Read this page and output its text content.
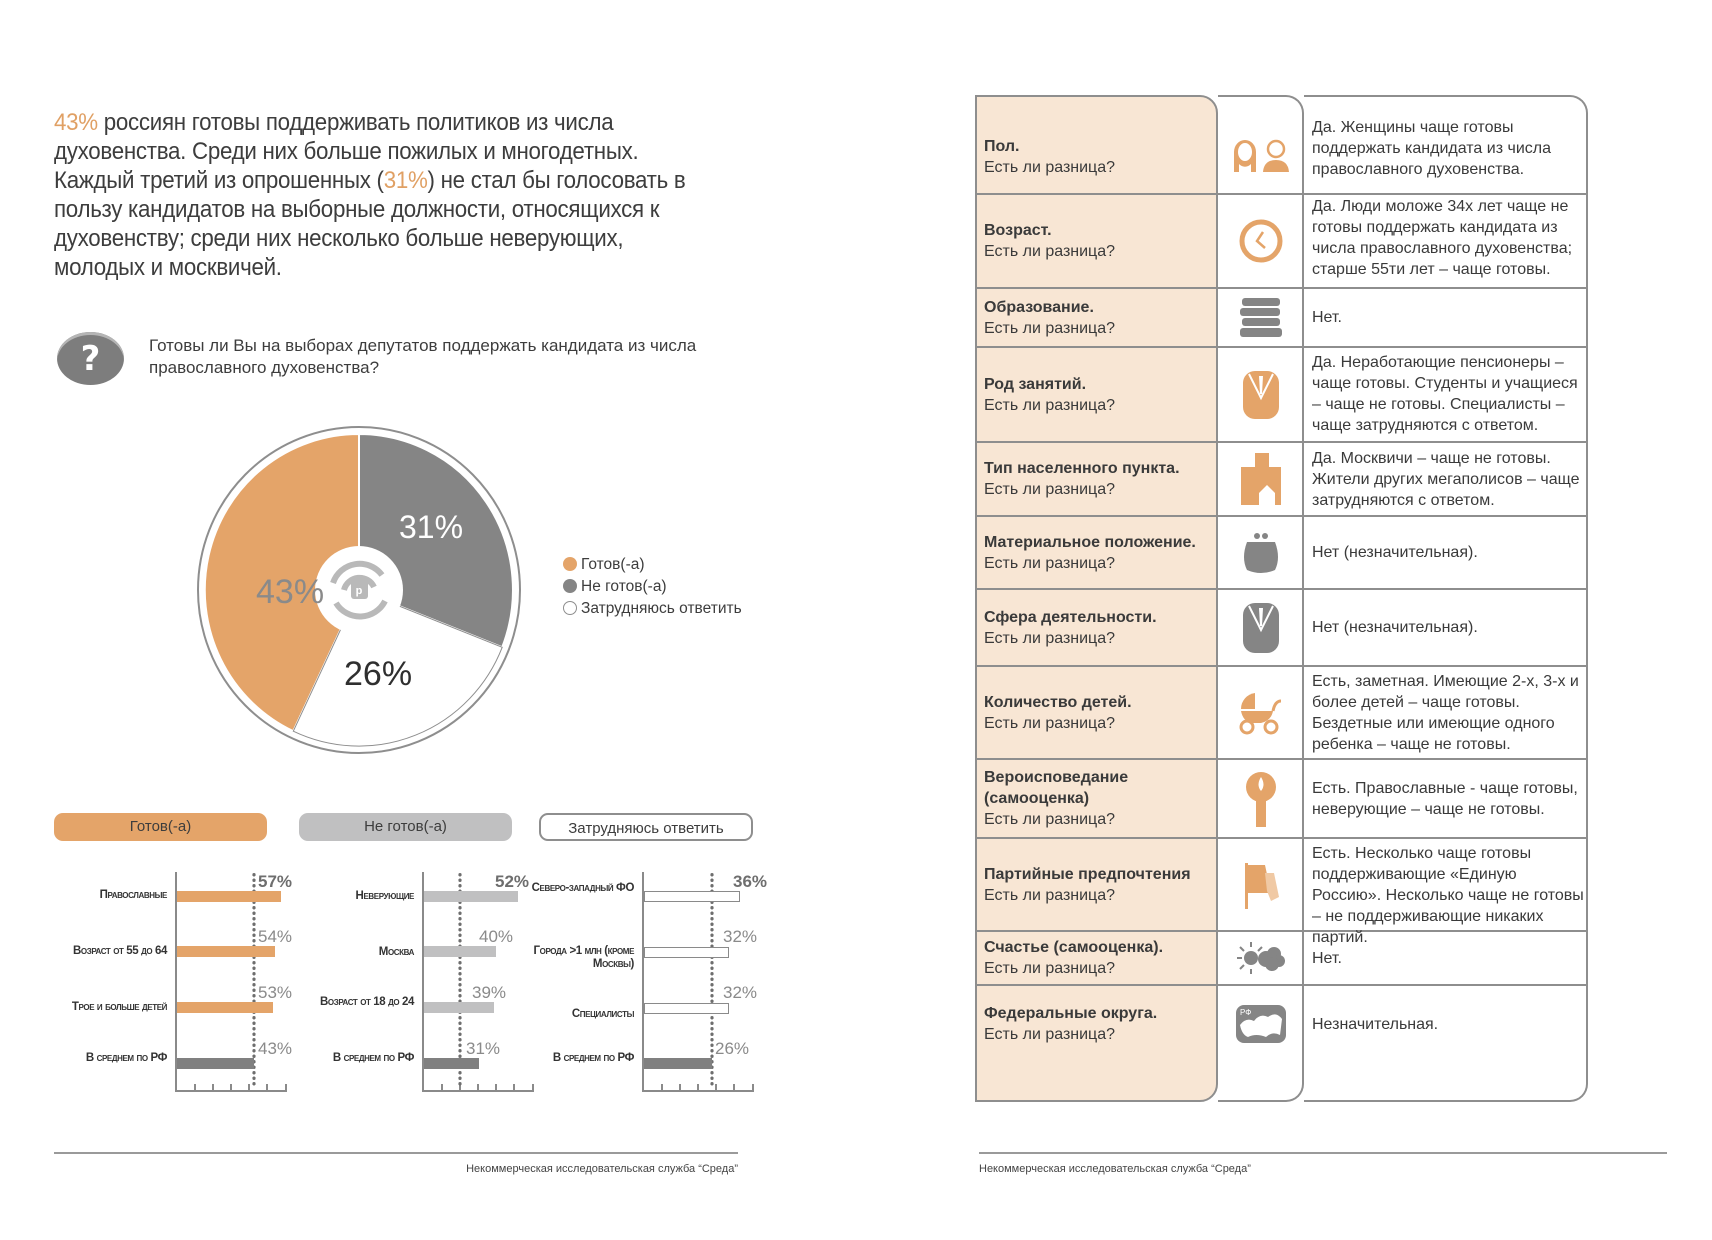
43% россиян готовы поддерживать политиков из числа духовенства. Среди них больше пожилых и многодетных. Каждый третий из опрошенных (31%) не стал бы голосовать в пользу кандидатов на выборные должности, относящихся к духовенству; среди них несколько больше неверующих, молодых и москвичей.
?	Готовы ли Вы на выборах депутатов поддержать кандидата из числа православного духовенства?
p
43%
31%
26%
Готов(-а)
Не готов(-а)
Затрудняюсь ответить
Готов(-а)	Не готов(-а)	Затрудняюсь ответить
Православные
57%
Возраст от 55 до 64
54%
Трое и больше детей
53%
В среднем по РФ	43%
Неверующие
52%
Москва
40%
Возраст от 18 до 24	39%
В среднем по РФ	31%
Северо-западный ФО	36%
Города >1 млн (кроме Москвы)
32%
Специалисты
32%
В среднем по РФ	26%
Некоммерческая исследовательская служба “Среда”
Пол.
Есть ли разница?
Да. Женщины чаще готовы поддержать кандидата из числа православного духовенства.
Возраст.
Есть ли разница?
Да. Люди моложе 34х лет чаще не готовы поддержать кандидата из числа православного духовенства; старше 55ти лет – чаще готовы.
Образование.
Есть ли разница?
Нет.
Род занятий.
Есть ли разница?
Да. Неработающие пенсионеры – чаще готовы. Студенты и учащиеся – чаще не готовы. Специалисты – чаще затрудняются с ответом.
Тип населенного пункта.
Есть ли разница?
Да. Москвичи – чаще не готовы. Жители других мегаполисов – чаще затрудняются с ответом.
Материальное положение.
Есть ли разница?
Нет (незначительная).
Сфера деятельности.
Есть ли разница?
Нет (незначительная).
Количество детей.
Есть ли разница?
Есть, заметная. Имеющие 2-х, 3-х и более детей – чаще готовы. Бездетные или имеющие одного ребенка – чаще не готовы.
Вероисповедание (самооценка)
Есть ли разница?
Есть. Православные - чаще готовы, неверующие – чаще не готовы.
Партийные предпочтения
Есть ли разница?
Есть. Несколько чаще готовы поддерживающие «Единую Россию». Несколько чаще не готовы – не поддерживающие никаких партий.
Счастье (самооценка).
Есть ли разница?
Нет.
Федеральные округа.
Есть ли разница?
РФ
Незначительная.
Некоммерческая исследовательская служба “Среда”
